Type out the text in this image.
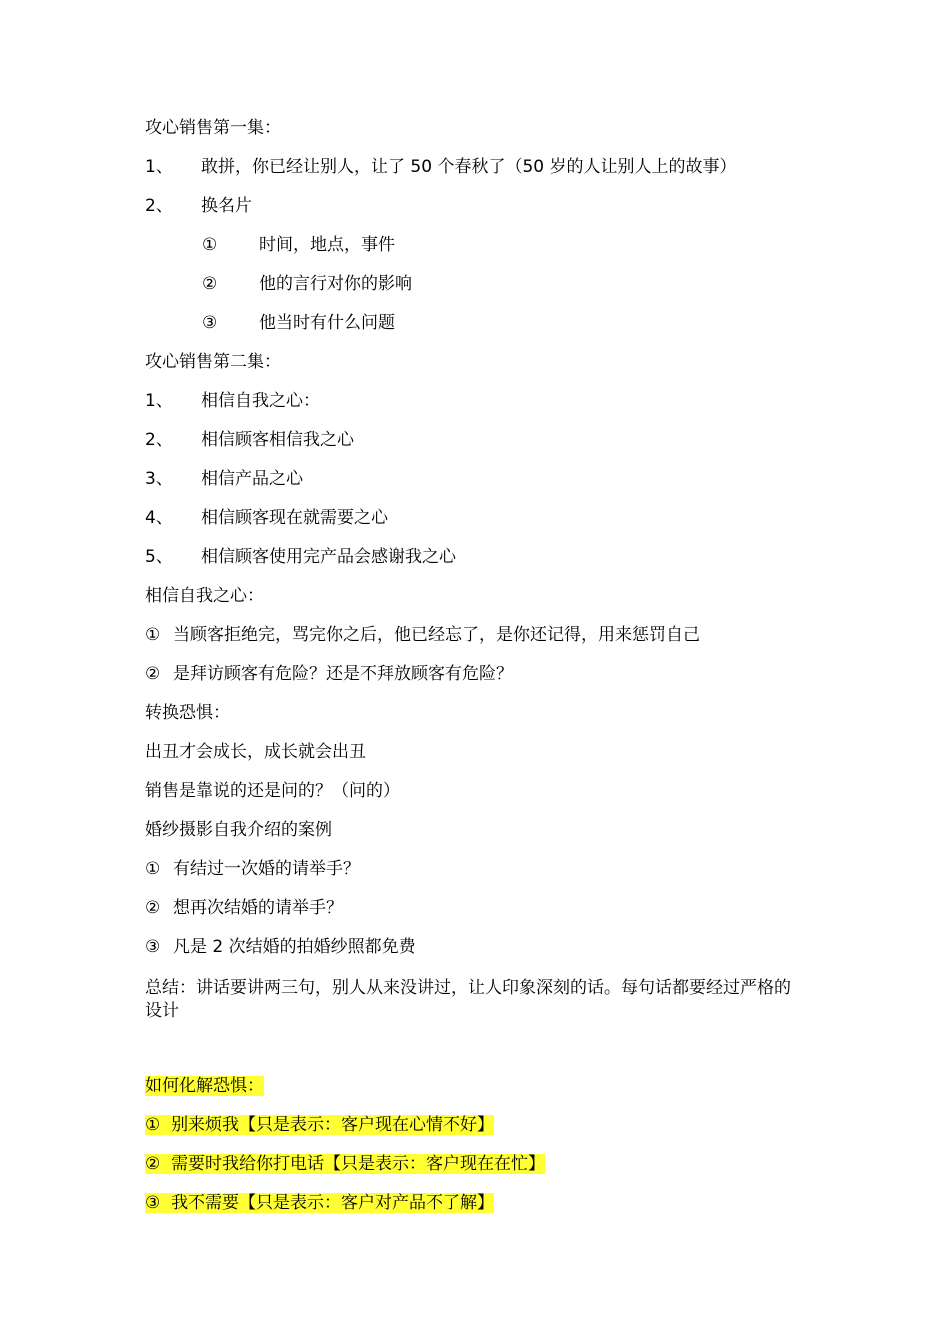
攻心销售第一集：
1、 敢拼，你已经让别人，让了 50 个春秋了（50 岁的人让别人上的故事）
2、 换名片
① 时间，地点，事件
② 他的言行对你的影响
③ 他当时有什么问题
攻心销售第二集：
1、 相信自我之心：
2、 相信顾客相信我之心
3、 相信产品之心
4、 相信顾客现在就需要之心
5、 相信顾客使用完产品会感谢我之心
相信自我之心：
① 当顾客拒绝完，骂完你之后，他已经忘了，是你还记得，用来惩罚自己
② 是拜访顾客有危险？还是不拜放顾客有危险？
转换恐惧：
出丑才会成长，成长就会出丑
销售是靠说的还是问的？（问的）
婚纱摄影自我介绍的案例
① 有结过一次婚的请举手？
② 想再次结婚的请举手？
③ 凡是 2 次结婚的拍婚纱照都免费
总结：讲话要讲两三句，别人从来没讲过，让人印象深刻的话。每句话都要经过严格的设计
如何化解恐惧：
① 别来烦我【只是表示：客户现在心情不好】
② 需要时我给你打电话【只是表示：客户现在在忙】
③ 我不需要【只是表示：客户对产品不了解】
